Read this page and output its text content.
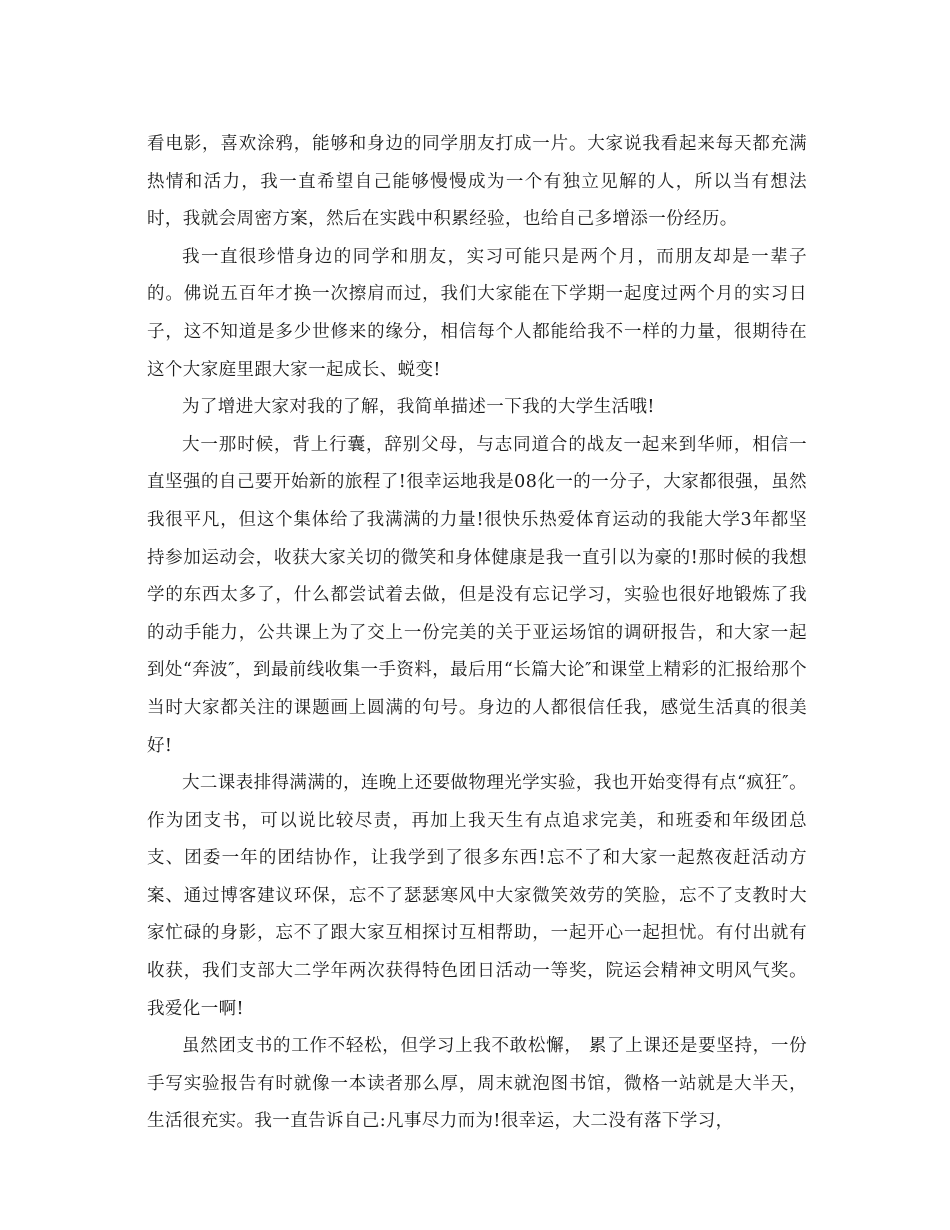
看电影，喜欢涂鸦，能够和身边的同学朋友打成一片。大家说我看起来每天都充满热情和活力，我一直希望自己能够慢慢成为一个有独立见解的人，所以当有想法时，我就会周密方案，然后在实践中积累经验，也给自己多增添一份经历。

我一直很珍惜身边的同学和朋友，实习可能只是两个月，而朋友却是一辈子的。佛说五百年才换一次擦肩而过，我们大家能在下学期一起度过两个月的实习日子，这不知道是多少世修来的缘分，相信每个人都能给我不一样的力量，很期待在这个大家庭里跟大家一起成长、蜕变!

为了增进大家对我的了解，我简单描述一下我的大学生活哦!

大一那时候，背上行囊，辞别父母，与志同道合的战友一起来到华师，相信一直坚强的自己要开始新的旅程了!很幸运地我是08化一的一分子，大家都很强，虽然我很平凡，但这个集体给了我满满的力量!很快乐热爱体育运动的我能大学3年都坚持参加运动会，收获大家关切的微笑和身体健康是我一直引以为豪的!那时候的我想学的东西太多了，什么都尝试着去做，但是没有忘记学习，实验也很好地锻炼了我的动手能力，公共课上为了交上一份完美的关于亚运场馆的调研报告，和大家一起到处“奔波″，到最前线收集一手资料，最后用“长篇大论″和课堂上精彩的汇报给那个当时大家都关注的课题画上圆满的句号。身边的人都很信任我，感觉生活真的很美好!

大二课表排得满满的，连晚上还要做物理光学实验，我也开始变得有点“疯狂″。作为团支书，可以说比较尽责，再加上我天生有点追求完美，和班委和年级团总支、团委一年的团结协作，让我学到了很多东西!忘不了和大家一起熬夜赶活动方案、通过博客建议环保，忘不了瑟瑟寒风中大家微笑效劳的笑脸，忘不了支教时大家忙碌的身影，忘不了跟大家互相探讨互相帮助，一起开心一起担忧。有付出就有收获，我们支部大二学年两次获得特色团日活动一等奖，院运会精神文明风气奖。我爱化一啊!

虽然团支书的工作不轻松，但学习上我不敢松懈， 累了上课还是要坚持，一份手写实验报告有时就像一本读者那么厚，周末就泡图书馆，微格一站就是大半天，生活很充实。我一直告诉自己:凡事尽力而为!很幸运，大二没有落下学习，
